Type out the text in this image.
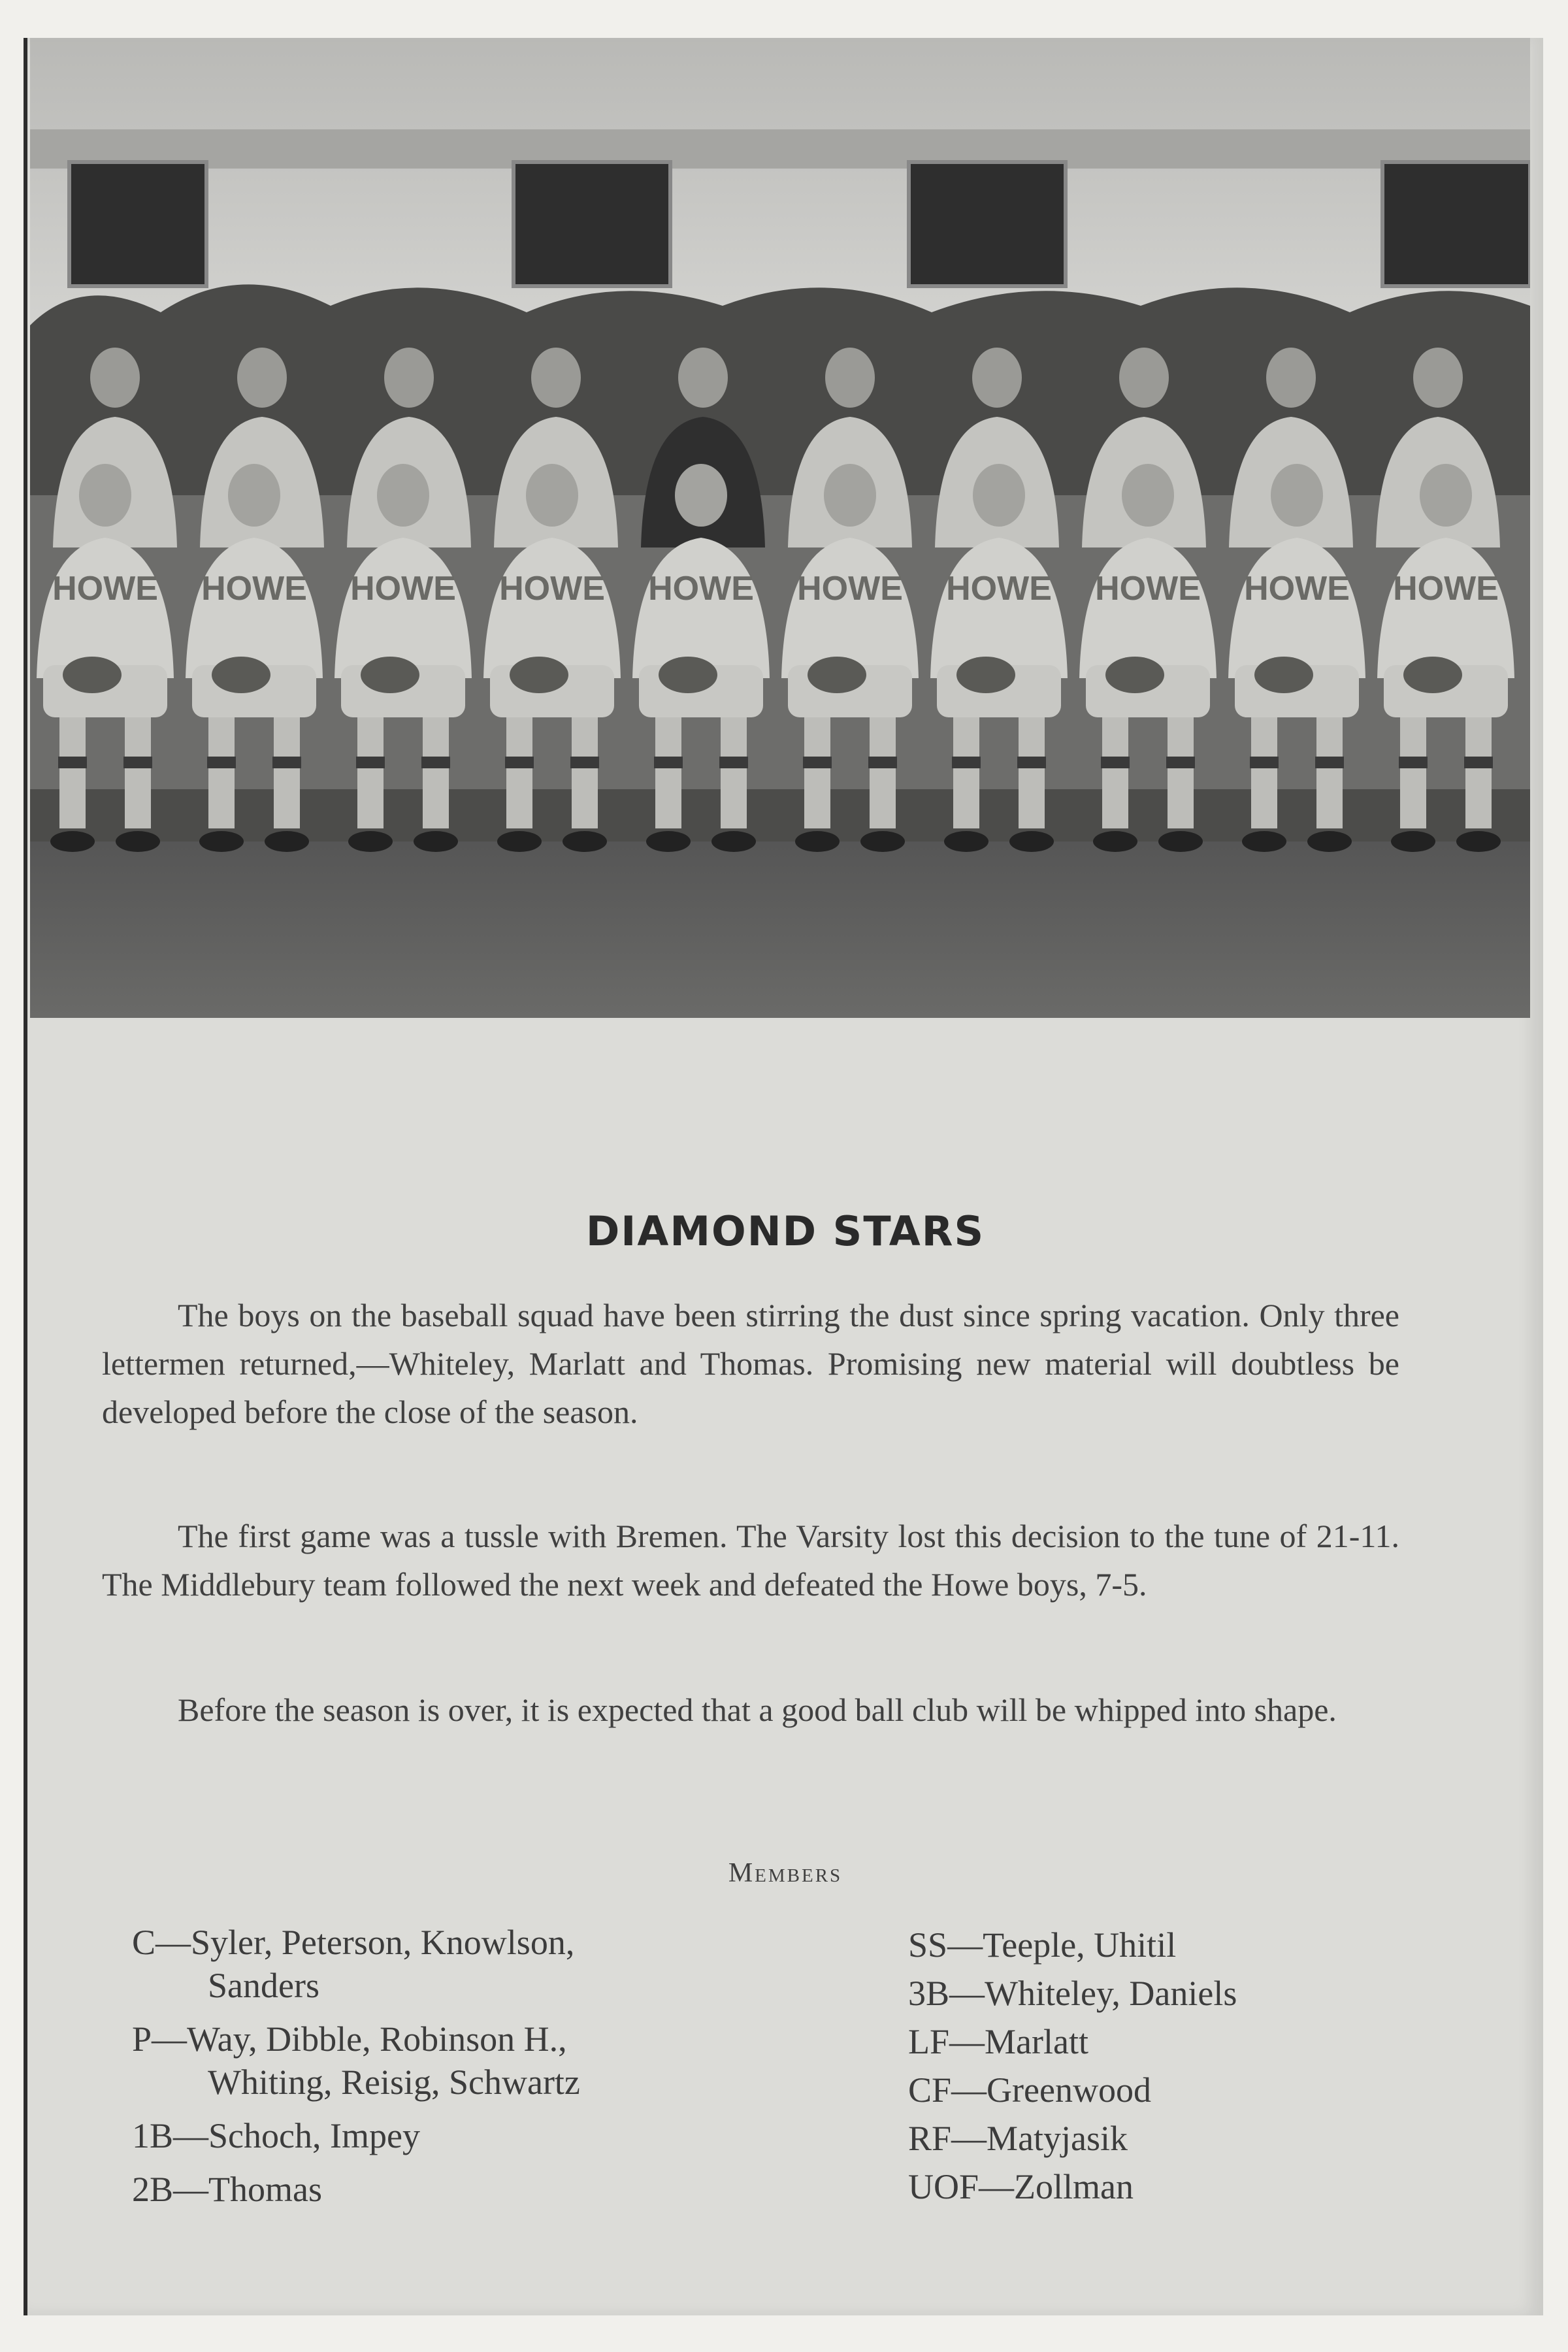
HOWE HOWE HOWE HOWE HOWE HOWE HOWE HOWE HOWE HOWE
DIAMOND STARS

The boys on the baseball squad have been stirring the dust since spring vacation. Only three lettermen returned,—Whiteley, Marlatt and Thomas. Promising new material will doubtless be developed before the close of the season.

The first game was a tussle with Bremen. The Varsity lost this decision to the tune of 21-11. The Middlebury team followed the next week and defeated the Howe boys, 7-5.

Before the season is over, it is expected that a good ball club will be whipped into shape.

Members
C—Syler, Peterson, Knowlson,
Sanders
P—Way, Dibble, Robinson H.,
Whiting, Reisig, Schwartz
1B—Schoch, Impey
2B—Thomas
SS—Teeple, Uhitil
3B—Whiteley, Daniels
LF—Marlatt
CF—Greenwood
RF—Matyjasik
UOF—Zollman
